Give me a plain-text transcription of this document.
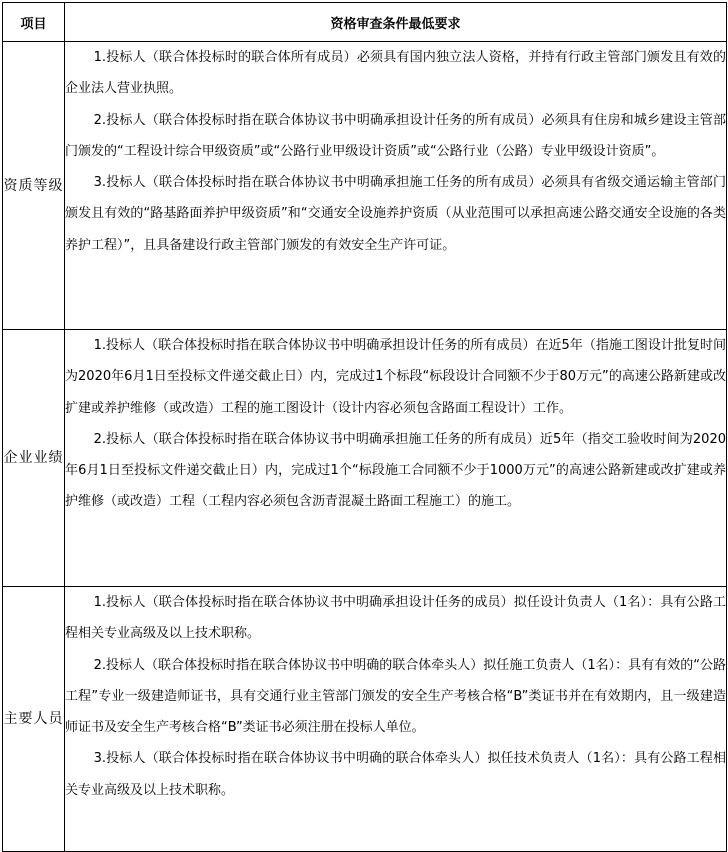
项目	资格审查条件最低要求
资质等级	1.投标人（联合体投标时的联合体所有成员）必须具有国内独立法人资格，并持有行政主管部门颁发且有效的企业法人营业执照。

2.投标人（联合体投标时指在联合体协议书中明确承担设计任务的所有成员）必须具有住房和城乡建设主管部门颁发的“工程设计综合甲级资质”或“公路行业甲级设计资质”或“公路行业（公路）专业甲级设计资质”。

3.投标人（联合体投标时指在联合体协议书中明确承担施工任务的所有成员）必须具有省级交通运输主管部门颁发且有效的“路基路面养护甲级资质”和“交通安全设施养护资质（从业范围可以承担高速公路交通安全设施的各类养护工程）”，且具备建设行政主管部门颁发的有效安全生产许可证。

企业业绩	1.投标人（联合体投标时指在联合体协议书中明确承担设计任务的所有成员）在近5年（指施工图设计批复时间为2020年6月1日至投标文件递交截止日）内，完成过1个标段“标段设计合同额不少于80万元”的高速公路新建或改扩建或养护维修（或改造）工程的施工图设计（设计内容必须包含路面工程设计）工作。

2.投标人（联合体投标时指在联合体协议书中明确承担施工任务的所有成员）近5年（指交工验收时间为2020年6月1日至投标文件递交截止日）内，完成过1个“标段施工合同额不少于1000万元”的高速公路新建或改扩建或养护维修（或改造）工程（工程内容必须包含沥青混凝土路面工程施工）的施工。

主要人员	1.投标人（联合体投标时指在联合体协议书中明确承担设计任务的成员）拟任设计负责人（1名）：具有公路工程相关专业高级及以上技术职称。

2.投标人（联合体投标时指在联合体协议书中明确的联合体牵头人）拟任施工负责人（1名）：具有有效的“公路工程”专业一级建造师证书，具有交通行业主管部门颁发的安全生产考核合格“B”类证书并在有效期内，且一级建造师证书及安全生产考核合格“B”类证书必须注册在投标人单位。

3.投标人（联合体投标时指在联合体协议书中明确的联合体牵头人）拟任技术负责人（1名）：具有公路工程相关专业高级及以上技术职称。
